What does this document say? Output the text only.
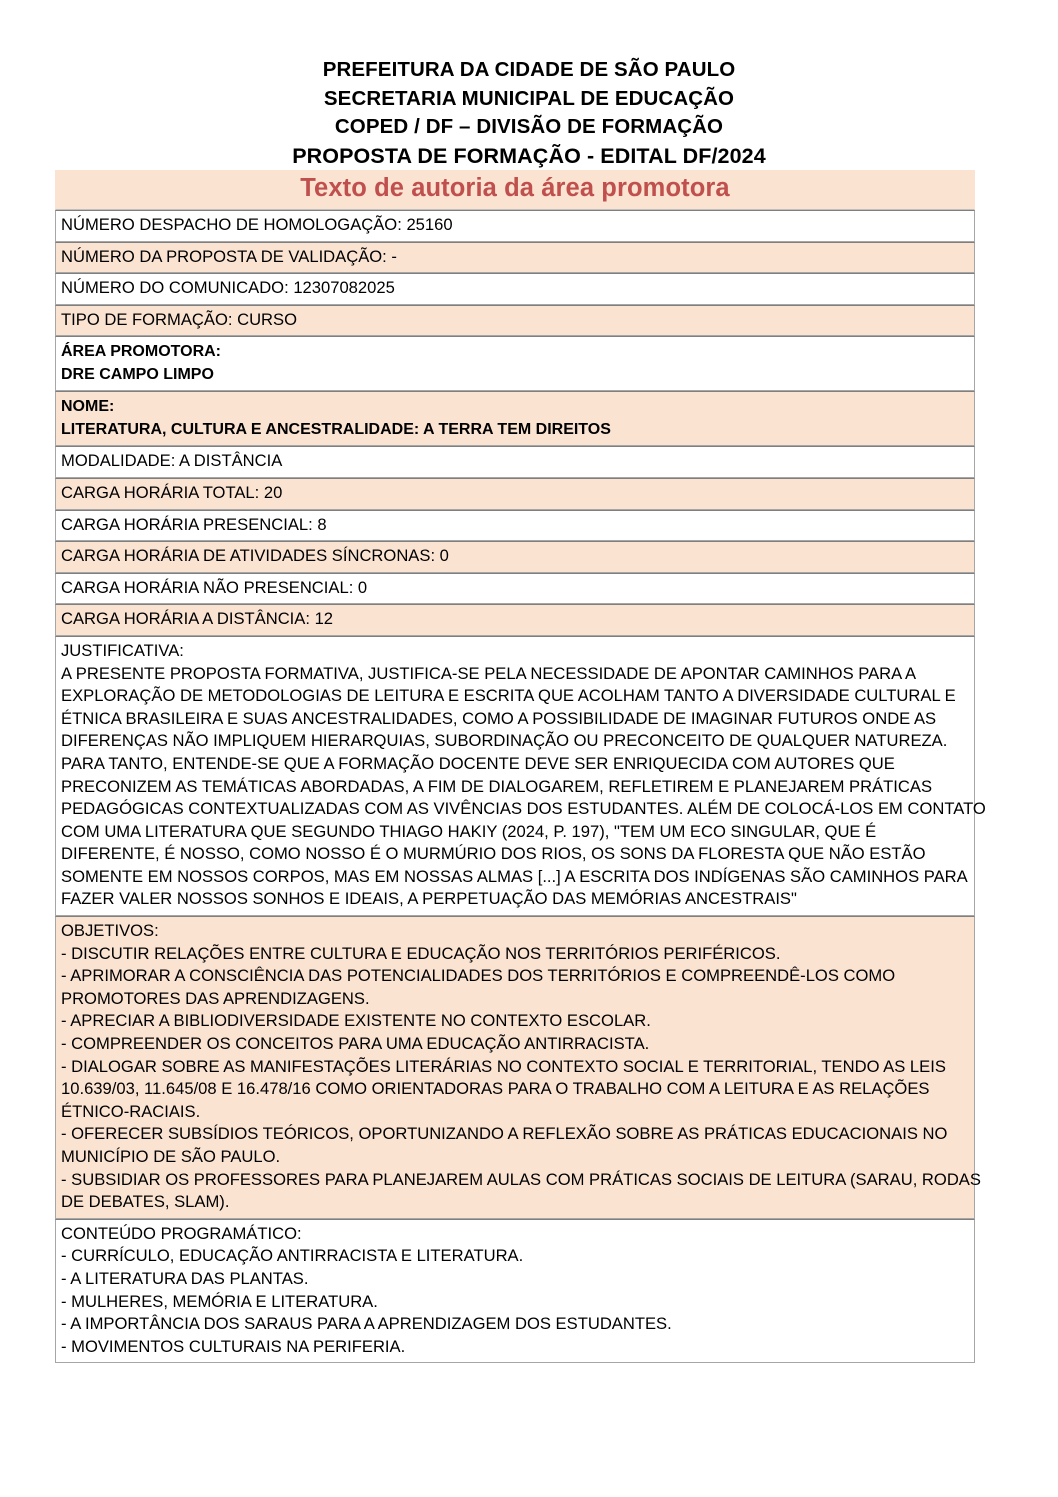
PREFEITURA DA CIDADE DE SÃO PAULO
SECRETARIA MUNICIPAL DE EDUCAÇÃO
COPED / DF – DIVISÃO DE FORMAÇÃO
PROPOSTA DE FORMAÇÃO - EDITAL DF/2024
Texto de autoria da área promotora
NÚMERO DESPACHO DE HOMOLOGAÇÃO: 25160
NÚMERO DA PROPOSTA DE VALIDAÇÃO: -
NÚMERO DO COMUNICADO: 12307082025
TIPO DE FORMAÇÃO: CURSO

ÁREA PROMOTORA:
DRE CAMPO LIMPO

NOME:
LITERATURA, CULTURA E ANCESTRALIDADE: A TERRA TEM DIREITOS

MODALIDADE: A DISTÂNCIA
CARGA HORÁRIA TOTAL: 20
CARGA HORÁRIA PRESENCIAL: 8
CARGA HORÁRIA DE ATIVIDADES SÍNCRONAS: 0
CARGA HORÁRIA NÃO PRESENCIAL: 0
CARGA HORÁRIA A DISTÂNCIA: 12

JUSTIFICATIVA:
A PRESENTE PROPOSTA FORMATIVA, JUSTIFICA-SE PELA NECESSIDADE DE APONTAR CAMINHOS PARA A
EXPLORAÇÃO DE METODOLOGIAS DE LEITURA E ESCRITA QUE ACOLHAM TANTO A DIVERSIDADE CULTURAL E
ÉTNICA BRASILEIRA E SUAS ANCESTRALIDADES, COMO A POSSIBILIDADE DE IMAGINAR FUTUROS ONDE AS
DIFERENÇAS NÃO IMPLIQUEM HIERARQUIAS, SUBORDINAÇÃO OU PRECONCEITO DE QUALQUER NATUREZA.
PARA TANTO, ENTENDE-SE QUE A FORMAÇÃO DOCENTE DEVE SER ENRIQUECIDA COM AUTORES QUE
PRECONIZEM AS TEMÁTICAS ABORDADAS, A FIM DE DIALOGAREM, REFLETIREM E PLANEJAREM PRÁTICAS
PEDAGÓGICAS CONTEXTUALIZADAS COM AS VIVÊNCIAS DOS ESTUDANTES. ALÉM DE COLOCÁ-LOS EM CONTATO
COM UMA LITERATURA QUE SEGUNDO THIAGO HAKIY (2024, P. 197), "TEM UM ECO SINGULAR, QUE É
DIFERENTE, É NOSSO, COMO NOSSO É O MURMÚRIO DOS RIOS, OS SONS DA FLORESTA QUE NÃO ESTÃO
SOMENTE EM NOSSOS CORPOS, MAS EM NOSSAS ALMAS [...] A ESCRITA DOS INDÍGENAS SÃO CAMINHOS PARA
FAZER VALER NOSSOS SONHOS E IDEAIS, A PERPETUAÇÃO DAS MEMÓRIAS ANCESTRAIS"

OBJETIVOS:
- DISCUTIR RELAÇÕES ENTRE CULTURA E EDUCAÇÃO NOS TERRITÓRIOS PERIFÉRICOS.
- APRIMORAR A CONSCIÊNCIA DAS POTENCIALIDADES DOS TERRITÓRIOS E COMPREENDÊ-LOS COMO
PROMOTORES DAS APRENDIZAGENS.
- APRECIAR A BIBLIODIVERSIDADE EXISTENTE NO CONTEXTO ESCOLAR.
- COMPREENDER OS CONCEITOS PARA UMA EDUCAÇÃO ANTIRRACISTA.
- DIALOGAR SOBRE AS MANIFESTAÇÕES LITERÁRIAS NO CONTEXTO SOCIAL E TERRITORIAL, TENDO AS LEIS
10.639/03, 11.645/08 E 16.478/16 COMO ORIENTADORAS PARA O TRABALHO COM A LEITURA E AS RELAÇÕES
ÉTNICO-RACIAIS.
- OFERECER SUBSÍDIOS TEÓRICOS, OPORTUNIZANDO A REFLEXÃO SOBRE AS PRÁTICAS EDUCACIONAIS NO
MUNICÍPIO DE SÃO PAULO.
- SUBSIDIAR OS PROFESSORES PARA PLANEJAREM AULAS COM PRÁTICAS SOCIAIS DE LEITURA (SARAU, RODAS
DE DEBATES, SLAM).

CONTEÚDO PROGRAMÁTICO:
- CURRÍCULO, EDUCAÇÃO ANTIRRACISTA E LITERATURA.
- A LITERATURA DAS PLANTAS.
- MULHERES, MEMÓRIA E LITERATURA.
- A IMPORTÂNCIA DOS SARAUS PARA A APRENDIZAGEM DOS ESTUDANTES.
- MOVIMENTOS CULTURAIS NA PERIFERIA.
